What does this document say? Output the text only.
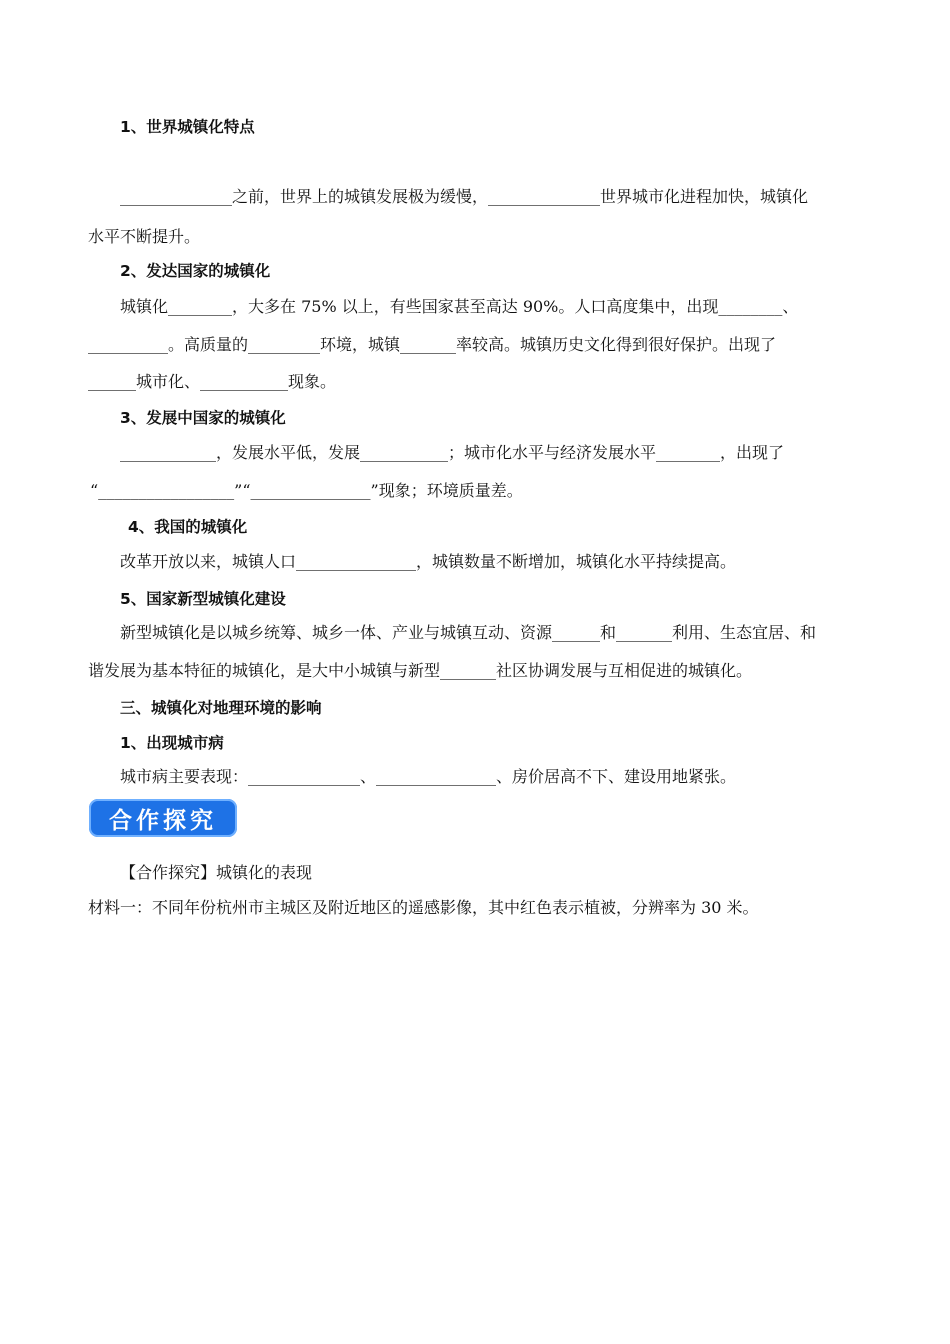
1、世界城镇化特点
______________之前，世界上的城镇发展极为缓慢，______________世界城市化进程加快，城镇化
水平不断提升。
2、发达国家的城镇化
城镇化________，大多在 75% 以上，有些国家甚至高达 90%。人口高度集中，出现________、
__________。高质量的_________环境，城镇_______率较高。城镇历史文化得到很好保护。出现了
______城市化、___________现象。
3、发展中国家的城镇化
____________，发展水平低，发展___________；城市化水平与经济发展水平________，出现了
“_________________”“_______________”现象；环境质量差。
4、我国的城镇化
改革开放以来，城镇人口_______________，城镇数量不断增加，城镇化水平持续提高。
5、国家新型城镇化建设
新型城镇化是以城乡统筹、城乡一体、产业与城镇互动、资源______和_______利用、生态宜居、和
谐发展为基本特征的城镇化，是大中小城镇与新型_______社区协调发展与互相促进的城镇化。
三、城镇化对地理环境的影响
1、出现城市病
城市病主要表现：______________、_______________、房价居高不下、建设用地紧张。
合作探究
【合作探究】城镇化的表现
材料一：不同年份杭州市主城区及附近地区的遥感影像，其中红色表示植被，分辨率为 30 米。
